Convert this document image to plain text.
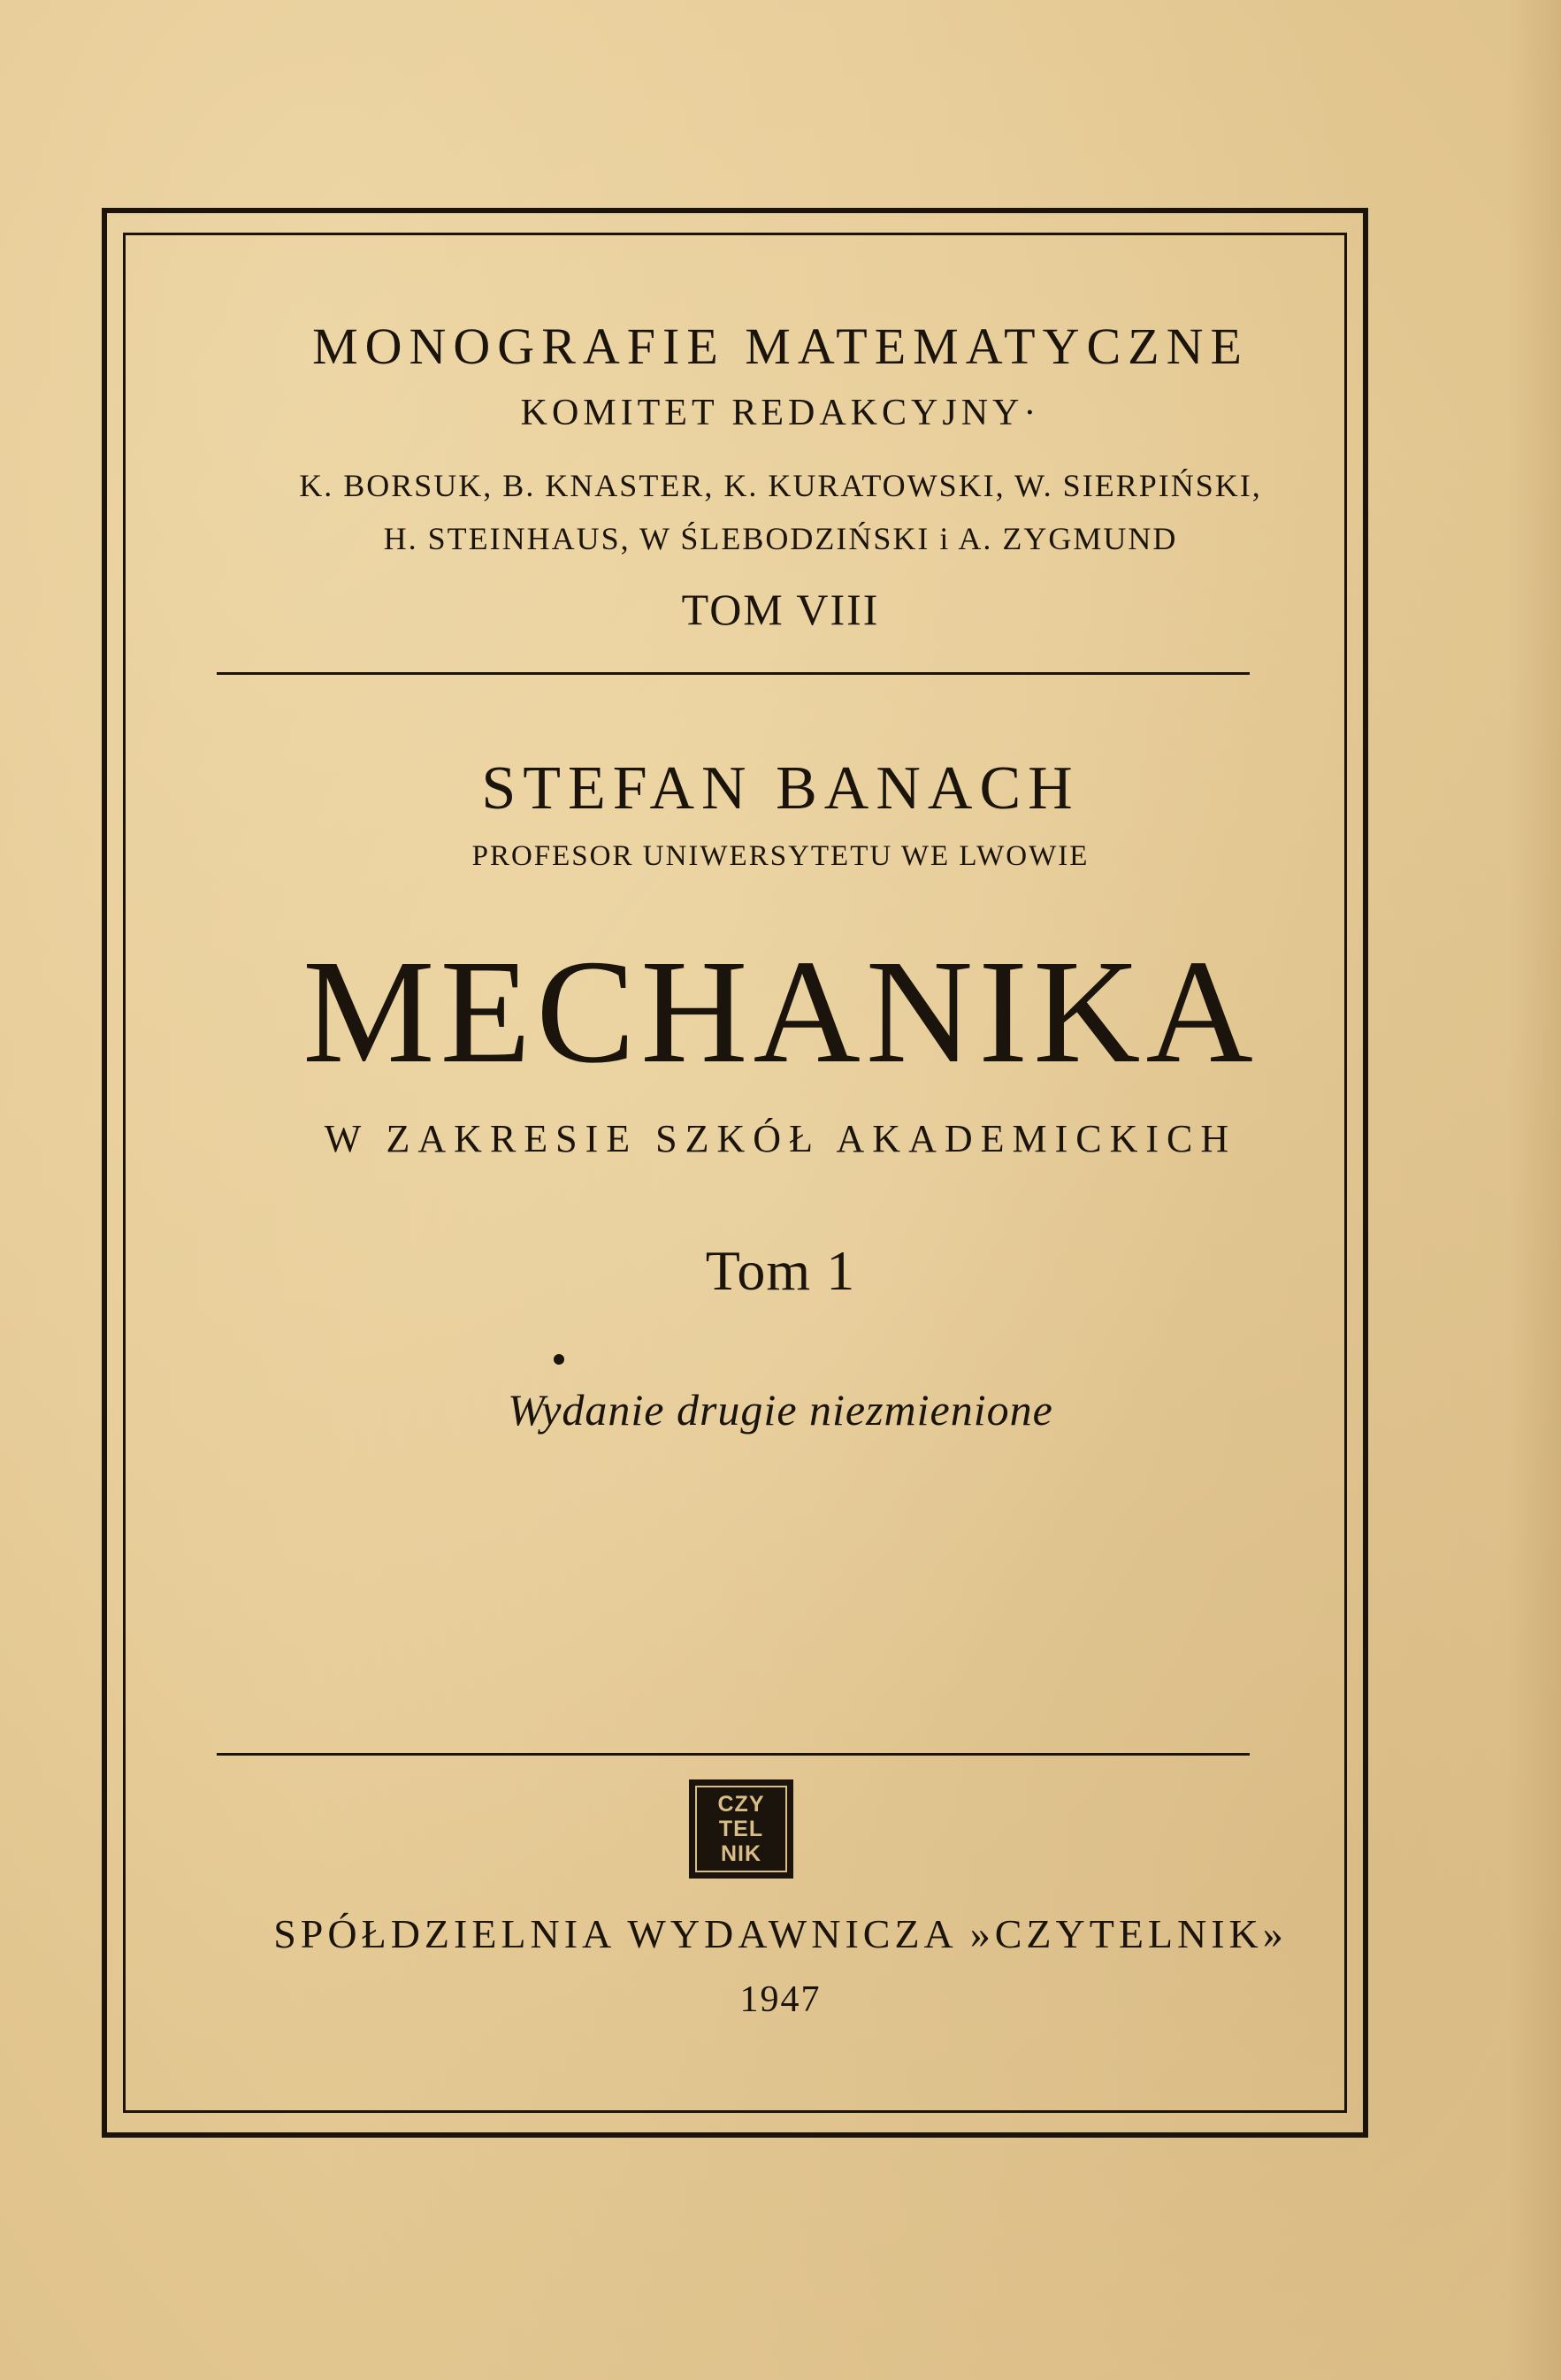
MONOGRAFIE MATEMATYCZNE
KOMITET REDAKCYJNY·
K. BORSUK, B. KNASTER, K. KURATOWSKI, W. SIERPIŃSKI,
H. STEINHAUS, W ŚLEBODZIŃSKI i A. ZYGMUND
TOM VIII
STEFAN BANACH
PROFESOR UNIWERSYTETU WE LWOWIE
MECHANIKA
W ZAKRESIE SZKÓŁ AKADEMICKICH
Tom 1
Wydanie drugie niezmienione
CZY
TEL
NIK
SPÓŁDZIELNIA WYDAWNICZA »CZYTELNIK»
1947
